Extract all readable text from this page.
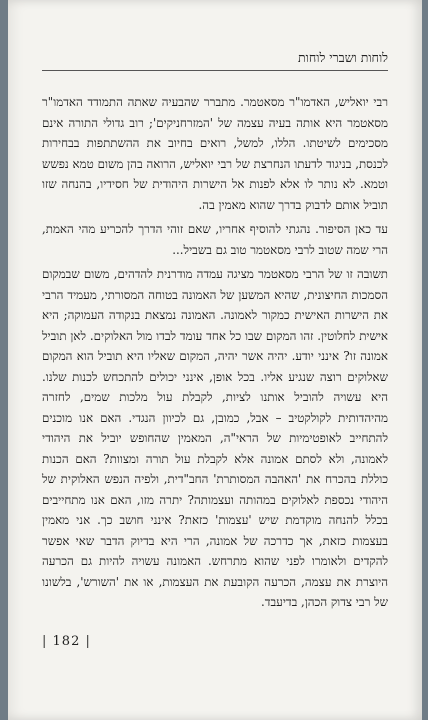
לוחות ושברי לוחות

רבי יואליש, האדמו"ר מסאטמר. מתברר שהבעיה שאתה התמודד האדמו"ר מסאטמר היא אותה בעיה עצמה של 'המזרחניקים'; רוב גדולי התורה אינם מסכימים לשיטתו. הללו, למשל, רואים בחיוב את ההשתתפות בבחירות לכנסת, בניגוד לדעתו הנחרצת של רבי יואליש, הרואה בהן משום טמא נפשש וטמא. לא נותר לו אלא לפנות אל הישרות היהודית של חסידיו, בהנחה שזו תוביל אותם לדבוק בדרך שהוא מאמין בה.

עד כאן הסיפור. נהגתי להוסיף אחריו, שאם זוהי הדרך להכריע מהי האמת, הרי שמה שטוב לרבי מסאטמר טוב גם בשביל...

תשובה זו של הרבי מסאטמר מציגה עמדה מודרנית להדהים, משום שבמקום הסמכות החיצונית, שהיא המשען של האמונה בטוחה המסורתי, מעמיד הרבי את הישרות האישית כמקור לאמונה. האמונה נמצאת בנקודה העמוקה; היא אישית לחלוטין. זהו המקום שבו כל אחד עומד לבדו מול האלוקים. לאן תוביל אמונה זו? אינני יודע. יהיה אשר יהיה, המקום שאליו היא תוביל הוא המקום שאלוקים רוצה שנגיע אליו. בכל אופן, אינני יכולים להתכחש לכנות שלנו. היא עשויה להוביל אותנו לציות, לקבלת עול מלכות שמים, לחזרה מהיהדותית לקולקטיב – אבל, כמובן, גם לכיוון הנגדי. האם אנו מוכנים להתחייב לאופטימיות של הראי"ה, המאמין שהחופש יוביל את היהודי לאמונה, ולא לסתם אמונה אלא לקבלת עול תורה ומצוות? האם הכנות כוללת בהכרח את 'האהבה המסותרת' החב"דית, ולפיה הנפש האלוקית של היהודי נכספת לאלוקים במהותה ועצמותה? יתרה מזו, האם אנו מתחייבים בכלל להנחה מוקדמת שיש 'עצמות' כזאת? אינני חושב כך. אני מאמין בעצמות כזאת, אך כדרכה של אמונה, הרי היא בדיוק הדבר שאי אפשר להקדים ולאומרו לפני שהוא מתרחש. האמונה עשויה להיות גם הכרעה היוצרת את עצמה, הכרעה הקובעת את העצמות, או את 'השורש', בלשונו של רבי צדוק הכהן, בדיעבד.

| 182 |
